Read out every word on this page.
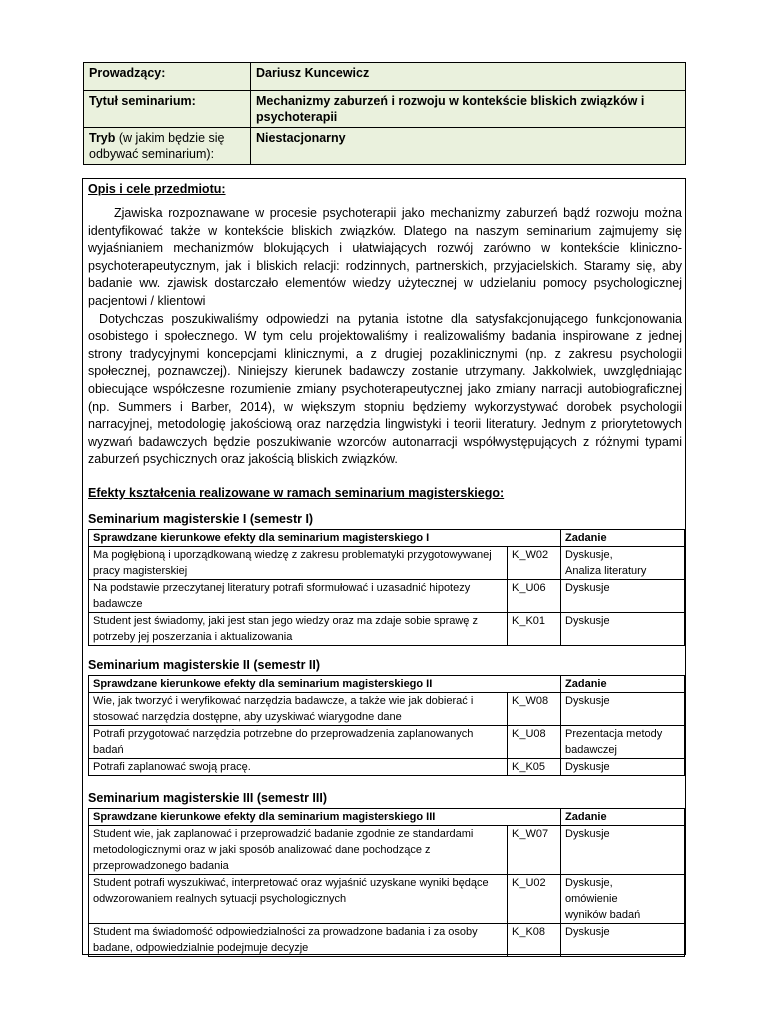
Prowadzący:	Dariusz Kuncewicz
Tytuł seminarium:	Mechanizmy zaburzeń i rozwoju w kontekście bliskich związków i psychoterapii
Tryb (w jakim będzie się odbywać seminarium):	Niestacjonarny
Opis i cele przedmiotu:

Zjawiska rozpoznawane w procesie psychoterapii jako mechanizmy zaburzeń bądź rozwoju można identyfikować także w kontekście bliskich związków. Dlatego na naszym seminarium zajmujemy się wyjaśnianiem mechanizmów blokujących i ułatwiających rozwój zarówno w kontekście kliniczno-psychoterapeutycznym, jak i bliskich relacji: rodzinnych, partnerskich, przyjacielskich. Staramy się, aby badanie ww. zjawisk dostarczało elementów wiedzy użytecznej w udzielaniu pomocy psychologicznej pacjentowi / klientowi

Dotychczas poszukiwaliśmy odpowiedzi na pytania istotne dla satysfakcjonującego funkcjonowania osobistego i społecznego. W tym celu projektowaliśmy i realizowaliśmy badania inspirowane z jednej strony tradycyjnymi koncepcjami klinicznymi, a z drugiej pozaklinicznymi (np. z zakresu psychologii społecznej, poznawczej). Niniejszy kierunek badawczy zostanie utrzymany. Jakkolwiek, uwzględniając obiecujące współczesne rozumienie zmiany psychoterapeutycznej jako zmiany narracji autobiograficznej (np. Summers i Barber, 2014), w większym stopniu będziemy wykorzystywać dorobek psychologii narracyjnej, metodologię jakościową oraz narzędzia lingwistyki i teorii literatury. Jednym z priorytetowych wyzwań badawczych będzie poszukiwanie wzorców autonarracji współwystępujących z różnymi typami zaburzeń psychicznych oraz jakością bliskich związków.

Efekty kształcenia realizowane w ramach seminarium magisterskiego:
Seminarium magisterskie I (semestr I)
Sprawdzane kierunkowe efekty dla seminarium magisterskiego I		Zadanie
Ma pogłębioną i uporządkowaną wiedzę z zakresu problematyki przygotowywanej pracy magisterskiej	K_W02	Dyskusje,
Analiza literatury
Na podstawie przeczytanej literatury potrafi sformułować i uzasadnić hipotezy badawcze	K_U06	Dyskusje
Student jest świadomy, jaki jest stan jego wiedzy oraz ma zdaje sobie sprawę z potrzeby jej poszerzania i aktualizowania	K_K01	Dyskusje
Seminarium magisterskie II (semestr II)
Sprawdzane kierunkowe efekty dla seminarium magisterskiego II		Zadanie
Wie, jak tworzyć i weryfikować narzędzia badawcze, a także wie jak dobierać i stosować narzędzia dostępne, aby uzyskiwać wiarygodne dane	K_W08	Dyskusje
Potrafi przygotować narzędzia potrzebne do przeprowadzenia zaplanowanych badań	K_U08	Prezentacja metody
badawczej
Potrafi zaplanować swoją pracę.	K_K05	Dyskusje
Seminarium magisterskie III (semestr III)
Sprawdzane kierunkowe efekty dla seminarium magisterskiego III		Zadanie
Student wie, jak zaplanować i przeprowadzić badanie zgodnie ze standardami metodologicznymi oraz w jaki sposób analizować dane pochodzące z przeprowadzonego badania	K_W07	Dyskusje
Student potrafi wyszukiwać, interpretować oraz wyjaśnić uzyskane wyniki będące odwzorowaniem realnych sytuacji psychologicznych	K_U02	Dyskusje,
omówienie
wyników badań
Student ma świadomość odpowiedzialności za prowadzone badania i za osoby badane, odpowiedzialnie podejmuje decyzje	K_K08	Dyskusje
